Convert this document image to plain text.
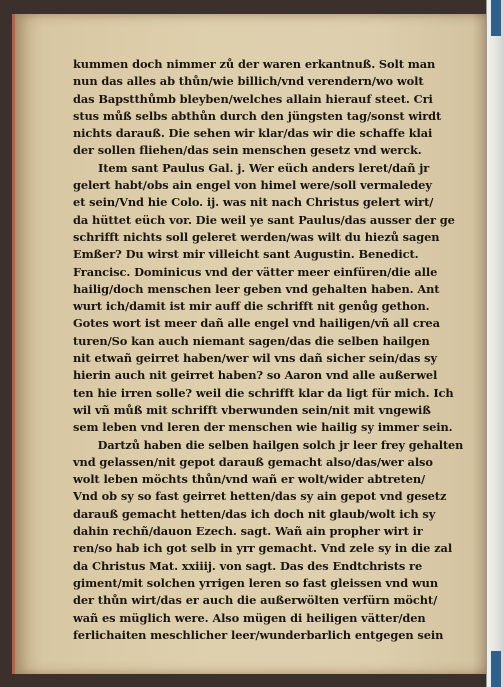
kummen doch nimmer zů der waren erkantnuß. Solt man
nun das alles ab thůn/wie billich/vnd verendern/wo wolt
das Bapstthůmb bleyben/welches allain hierauf steet. Cri
stus můß selbs abthůn durch den jüngsten tag/sonst wirdt
nichts darauß. Die sehen wir klar/das wir die schaffe klai
der sollen fliehen/das sein menschen gesetz vnd werck.
Item sant Paulus Gal. j. Wer eüch anders leret/dañ jr
gelert habt/obs ain engel von himel were/soll vermaledey
et sein/Vnd hie Colo. ij. was nit nach Christus gelert wirt/
da hüttet eüch vor. Die weil ye sant Paulus/das ausser der ge
schrifft nichts soll geleret werden/was wilt du hiezů sagen
Emßer? Du wirst mir villeicht sant Augustin. Benedict.
Francisc. Dominicus vnd der vätter meer einfüren/die alle
hailig/doch menschen leer geben vnd gehalten haben. Ant
wurt ich/damit ist mir auff die schrifft nit genůg gethon.
Gotes wort ist meer dañ alle engel vnd hailigen/vñ all crea
turen/So kan auch niemant sagen/das die selben hailgen
nit etwañ geirret haben/wer wil vns dañ sicher sein/das sy
hierin auch nit geirret haben? so Aaron vnd alle außerwel
ten hie irren solle? weil die schrifft klar da ligt für mich. Ich
wil vñ můß mit schrifft vberwunden sein/nit mit vngewiß
sem leben vnd leren der menschen wie hailig sy immer sein.
Dartzů haben die selben hailgen solch jr leer frey gehalten
vnd gelassen/nit gepot darauß gemacht also/das/wer also
wolt leben möchts thůn/vnd wañ er wolt/wider abtreten/
Vnd ob sy so fast geirret hetten/das sy ain gepot vnd gesetz
darauß gemacht hetten/das ich doch nit glaub/wolt ich sy
dahin rechñ/dauon Ezech. sagt. Wañ ain propher wirt ir
ren/so hab ich got selb in yrr gemacht. Vnd zele sy in die zal
da Christus Mat. xxiiij. von sagt. Das des Endtchrists re
giment/mit solchen yrrigen leren so fast gleissen vnd wun
der thůn wirt/das er auch die außerwölten verfürn möcht/
wañ es müglich were. Also mügen di heiligen vätter/den
ferlichaiten meschlicher leer/wunderbarlich entgegen sein
